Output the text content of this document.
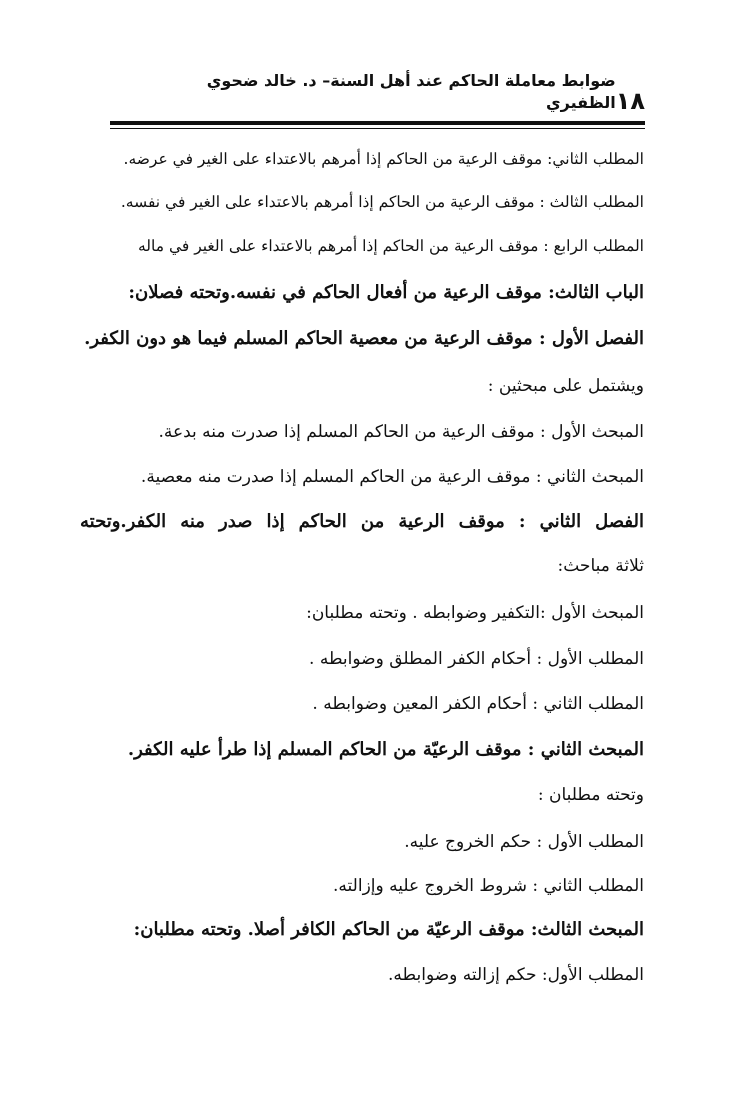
١٨
ضوابط معاملة الحاكم عند أهل السنة– د. خالد ضحوي الظفيري
المطلب الثاني: موقف الرعية من الحاكم إذا أمرهم بالاعتداء على الغير في عرضه.
المطلب الثالث : موقف الرعية من الحاكم إذا أمرهم بالاعتداء على الغير في نفسه.
المطلب الرابع : موقف الرعية من الحاكم إذا أمرهم بالاعتداء على الغير في ماله
الباب الثالث: موقف الرعية من أفعال الحاكم في نفسه.وتحته فصلان:
الفصل الأول : موقف الرعية من معصية الحاكم المسلم فيما هو دون الكفر.
ويشتمل على مبحثين :
المبحث الأول : موقف الرعية من الحاكم المسلم إذا صدرت منه بدعة.
المبحث الثاني : موقف الرعية من الحاكم المسلم إذا صدرت منه معصية.
الفصل الثاني : موقف الرعية من الحاكم إذا صدر منه الكفر.وتحته
ثلاثة مباحث:
المبحث الأول :التكفير وضوابطه . وتحته مطلبان:
المطلب الأول : أحكام الكفر المطلق وضوابطه .
المطلب الثاني : أحكام الكفر المعين وضوابطه .
المبحث الثاني : موقف الرعيّة من الحاكم المسلم إذا طرأ عليه الكفر.
وتحته مطلبان :
المطلب الأول : حكم الخروج عليه.
المطلب الثاني : شروط الخروج عليه وإزالته.
المبحث الثالث: موقف الرعيّة من الحاكم الكافر أصلا. وتحته مطلبان:
المطلب الأول: حكم إزالته وضوابطه.
